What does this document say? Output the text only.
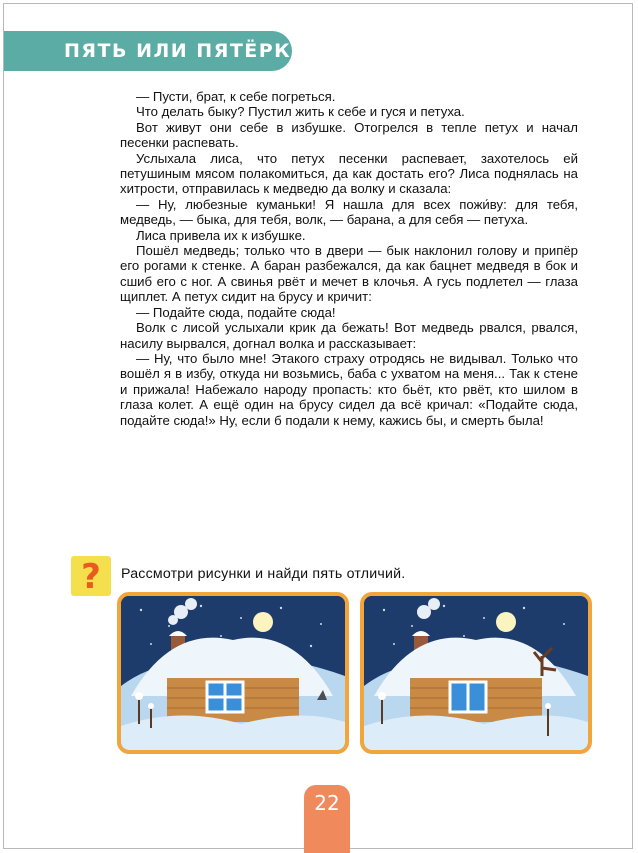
ПЯТЬ ИЛИ ПЯТЁРКА

— Пусти, брат, к себе погреться.

Что делать быку? Пустил жить к себе и гуся и петуха.

Вот живут они себе в избушке. Отогрелся в тепле петух и начал песенки распевать.

Услыхала лиса, что петух песенки распевает, захотелось ей петушиным мясом полакомиться, да как достать его? Лиса поднялась на хитрости, отправилась к медведю да волку и сказала:

— Ну, любезные куманьки! Я нашла для всех пожи́ву: для тебя, медведь, — быка, для тебя, волк, — барана, а для себя — петуха.

Лиса привела их к избушке.

Пошёл медведь; только что в двери — бык наклонил голову и припёр его рогами к стенке. А баран разбежался, да как бацнет медведя в бок и сшиб его с ног. А свинья рвёт и мечет в клочья. А гусь подлетел — глаза щиплет. А петух сидит на брусу и кричит:

— Подайте сюда, подайте сюда!

Волк с лисой услыхали крик да бежать! Вот медведь рвался, рвался, насилу вырвался, догнал волка и рассказывает:

— Ну, что было мне! Этакого страху отродясь не видывал. Только что вошёл я в избу, откуда ни возьмись, баба с ухватом на меня... Так к стене и прижала! Набежало народу пропасть: кто бьёт, кто рвёт, кто шилом в глаза колет. А ещё один на брусу сидел да всё кричал: «Подайте сюда, подайте сюда!» Ну, если б подали к нему, кажись бы, и смерть была!

?	Рассмотри рисунки и найди пять отличий.
22
